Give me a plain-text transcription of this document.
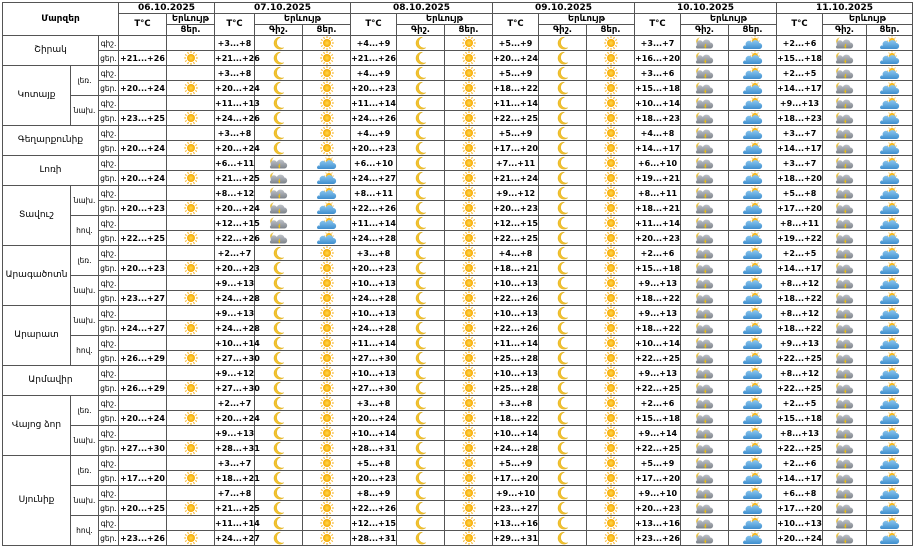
Մարզեր			06.10.2025		07.10.2025			08.10.2025			09.10.2025			10.10.2025			11.10.2025		
			T°C	Երևույթ	T°C	Երևույթ		T°C	Երևույթ		T°C	Երևույթ		T°C	Երևույթ		T°C	Երևույթ	
				Ցեր.		Գիշ.	Ցեր.		Գիշ.	Ցեր.		Գիշ.	Ցեր.		Գիշ.	Ցեր.		Գիշ.	Ցեր.
Շիրակ		գիշ.			+3...+8			+4...+9			+5...+9			+3...+7			+2...+6	

		ցեր.	+21...+26		+21...+26			+21...+26			+20...+24			+16...+20			+15...+18	

Կոտայք	լեռ.	գիշ.			+3...+8			+4...+9			+5...+9			+3...+6			+2...+5	

		ցեր.	+20...+24		+20...+24			+20...+23			+18...+22			+15...+18			+14...+17	

	նախ.	գիշ.			+11...+13			+11...+14			+11...+14			+10...+14			+9...+13	

		ցեր.	+23...+25		+24...+26			+24...+26			+22...+25			+18...+23			+18...+23	

Գեղարքունիք		գիշ.			+3...+8			+4...+9			+5...+9			+4...+8			+3...+7	

		ցեր.	+20...+24		+20...+24			+20...+23			+17...+20			+14...+17			+14...+17	

Լոռի		գիշ.			+6...+11			+6...+10			+7...+11			+6...+10			+3...+7	

		ցեր.	+20...+24		+21...+25			+24...+27			+21...+24			+19...+21			+18...+20	

Տավուշ	նախ.	գիշ.			+8...+12			+8...+11			+9...+12			+8...+11			+5...+8	

		ցեր.	+20...+23		+20...+24			+22...+26			+20...+23			+18...+21			+17...+20	

	հով.	գիշ.			+12...+15			+11...+14			+12...+15			+11...+14			+8...+11	

		ցեր.	+22...+25		+22...+26			+24...+28			+22...+25			+20...+23			+19...+22	

Արագածոտն	լեռ.	գիշ.			+2...+7			+3...+8			+4...+8			+2...+6			+2...+5	

		ցեր.	+20...+23		+20...+23			+20...+23			+18...+21			+15...+18			+14...+17	

	նախ.	գիշ.			+9...+13			+10...+13			+10...+13			+9...+13			+8...+12	

		ցեր.	+23...+27		+24...+28			+24...+28			+22...+26			+18...+22			+18...+22	

Արարատ	նախ.	գիշ.			+9...+13			+10...+13			+10...+13			+9...+13			+8...+12	

		ցեր.	+24...+27		+24...+28			+24...+28			+22...+26			+18...+22			+18...+22	

	հով.	գիշ.			+10...+14			+11...+14			+11...+14			+10...+14			+9...+13	

		ցեր.	+26...+29		+27...+30			+27...+30			+25...+28			+22...+25			+22...+25	

Արմավիր		գիշ.			+9...+12			+10...+13			+10...+13			+9...+13			+8...+12	

		ցեր.	+26...+29		+27...+30			+27...+30			+25...+28			+22...+25			+22...+25	

Վայոց ձոր	լեռ.	գիշ.			+2...+7			+3...+8			+3...+8			+2...+6			+2...+5	

		ցեր.	+20...+24		+20...+24			+20...+24			+18...+22			+15...+18			+15...+18	

	նախ.	գիշ.			+9...+13			+10...+14			+10...+14			+9...+14			+8...+13	

		ցեր.	+27...+30		+28...+31			+28...+31			+24...+28			+22...+25			+22...+25	

Սյունիք	լեռ.	գիշ.			+3...+7			+5...+8			+5...+9			+5...+9			+2...+6	

		ցեր.	+17...+20		+18...+21			+20...+23			+17...+20			+17...+20			+14...+17	

	նախ.	գիշ.			+7...+8			+8...+9			+9...+10			+9...+10			+6...+8	

		ցեր.	+20...+25		+21...+25			+22...+26			+23...+27			+20...+23			+17...+20	

	հով.	գիշ.			+11...+14			+12...+15			+13...+16			+13...+16			+10...+13	

		ցեր.	+23...+26		+24...+27			+28...+31			+29...+31			+23...+26			+20...+24	
